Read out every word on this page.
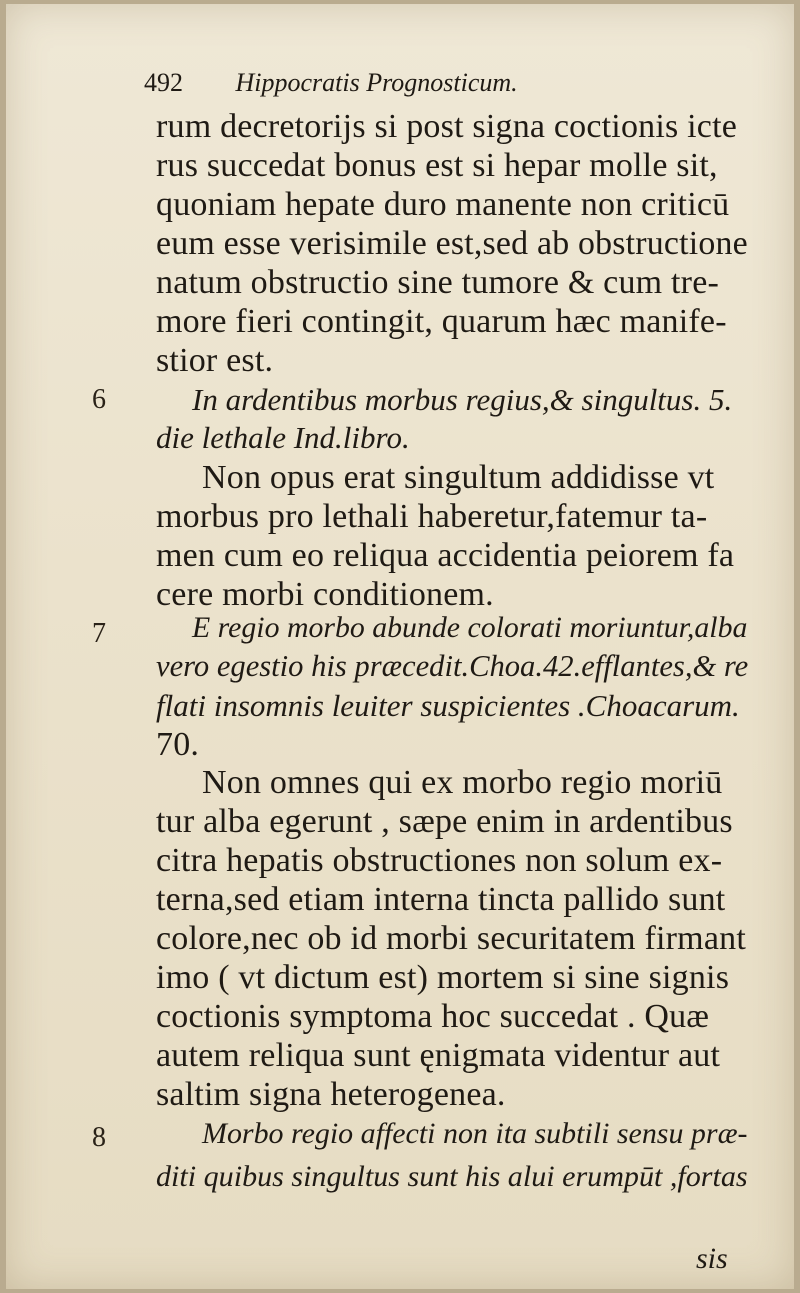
492 Hippocratis Prognosticum.
6
7
8
rum decretorijs si post signa coctionis icte
rus succedat bonus est si hepar molle sit,
quoniam hepate duro manente non criticū
eum esse verisimile est,sed ab obstructione
natum obstructio sine tumore & cum tre-
more fieri contingit, quarum hæc manife-
stior est.
In ardentibus morbus regius,& singultus. 5.
die lethale Ind.libro.
Non opus erat singultum addidisse vt
morbus pro lethali haberetur,fatemur ta-
men cum eo reliqua accidentia peiorem fa
cere morbi conditionem.
E regio morbo abunde colorati moriuntur,alba
vero egestio his præcedit.Choa.42.efflantes,& re
flati insomnis leuiter suspicientes .Choacarum.
70.
Non omnes qui ex morbo regio moriū
tur alba egerunt , sæpe enim in ardentibus
citra hepatis obstructiones non solum ex-
terna,sed etiam interna tincta pallido sunt
colore,nec ob id morbi securitatem firmant
imo ( vt dictum est) mortem si sine signis
coctionis symptoma hoc succedat . Quæ
autem reliqua sunt ęnigmata videntur aut
saltim signa heterogenea.
Morbo regio affecti non ita subtili sensu præ-
diti quibus singultus sunt his alui erumpūt ,fortas
sis
